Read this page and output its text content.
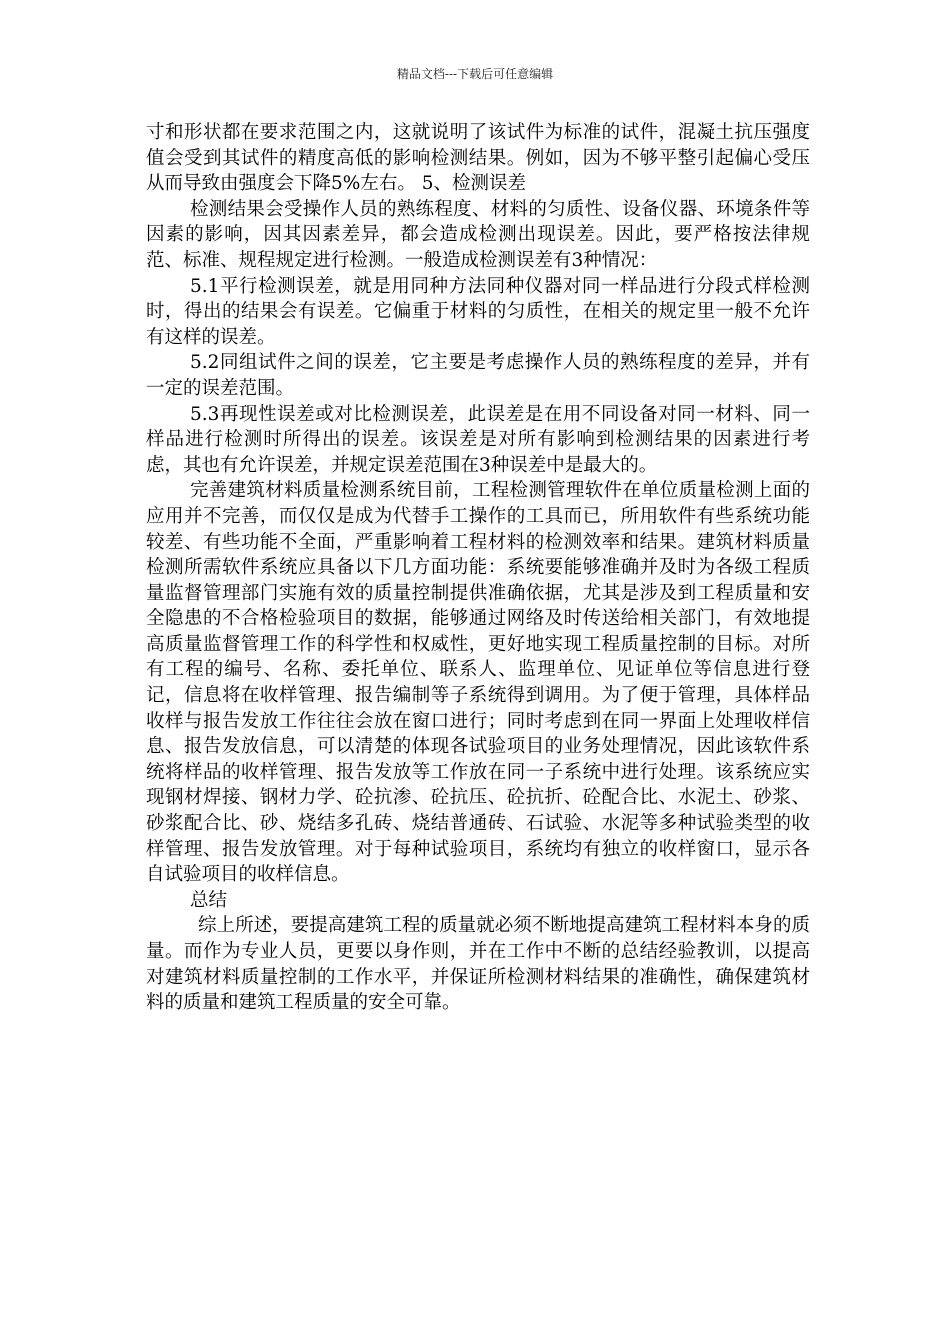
精品文档---下载后可任意编辑

寸和形状都在要求范围之内，这就说明了该试件为标准的试件，混凝土抗压强度值会受到其试件的精度高低的影响检测结果。例如，因为不够平整引起偏心受压从而导致由强度会下降5%左右。 5、检测误差

检测结果会受操作人员的熟练程度、材料的匀质性、设备仪器、环境条件等因素的影响，因其因素差异，都会造成检测出现误差。因此，要严格按法律规范、标准、规程规定进行检测。一般造成检测误差有3种情况：

5.1平行检测误差，就是用同种方法同种仪器对同一样品进行分段式样检测时，得出的结果会有误差。它偏重于材料的匀质性，在相关的规定里一般不允许有这样的误差。

5.2同组试件之间的误差，它主要是考虑操作人员的熟练程度的差异，并有一定的误差范围。

5.3再现性误差或对比检测误差，此误差是在用不同设备对同一材料、同一样品进行检测时所得出的误差。该误差是对所有影响到检测结果的因素进行考虑，其也有允许误差，并规定误差范围在3种误差中是最大的。

完善建筑材料质量检测系统目前，工程检测管理软件在单位质量检测上面的应用并不完善，而仅仅是成为代替手工操作的工具而已，所用软件有些系统功能较差、有些功能不全面，严重影响着工程材料的检测效率和结果。建筑材料质量检测所需软件系统应具备以下几方面功能：系统要能够准确并及时为各级工程质量监督管理部门实施有效的质量控制提供准确依据，尤其是涉及到工程质量和安全隐患的不合格检验项目的数据，能够通过网络及时传送给相关部门，有效地提高质量监督管理工作的科学性和权威性，更好地实现工程质量控制的目标。对所有工程的编号、名称、委托单位、联系人、监理单位、见证单位等信息进行登记，信息将在收样管理、报告编制等子系统得到调用。为了便于管理，具体样品收样与报告发放工作往往会放在窗口进行；同时考虑到在同一界面上处理收样信息、报告发放信息，可以清楚的体现各试验项目的业务处理情况，因此该软件系统将样品的收样管理、报告发放等工作放在同一子系统中进行处理。该系统应实现钢材焊接、钢材力学、砼抗渗、砼抗压、砼抗折、砼配合比、水泥土、砂浆、砂浆配合比、砂、烧结多孔砖、烧结普通砖、石试验、水泥等多种试验类型的收样管理、报告发放管理。对于每种试验项目，系统均有独立的收样窗口，显示各自试验项目的收样信息。

总结

综上所述，要提高建筑工程的质量就必须不断地提高建筑工程材料本身的质量。而作为专业人员，更要以身作则，并在工作中不断的总结经验教训，以提高对建筑材料质量控制的工作水平，并保证所检测材料结果的准确性，确保建筑材料的质量和建筑工程质量的安全可靠。
